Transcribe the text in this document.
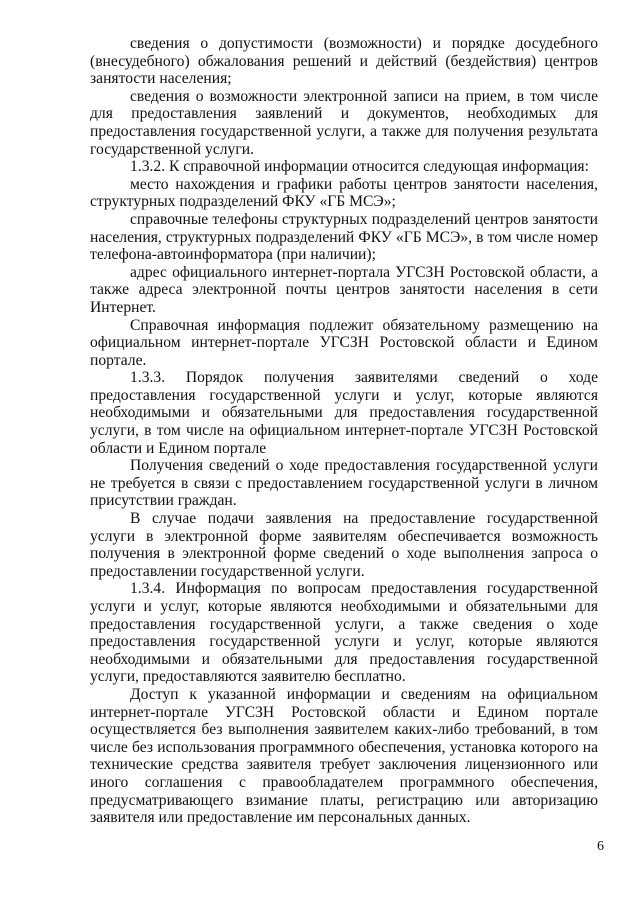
сведения о допустимости (возможности) и порядке досудебного (внесудебного) обжалования решений и действий (бездействия) центров занятости населения;

сведения о возможности электронной записи на прием, в том числе для предоставления заявлений и документов, необходимых для предоставления государственной услуги, а также для получения результата государственной услуги.

1.3.2. К справочной информации относится следующая информация:

место нахождения и графики работы центров занятости населения, структурных подразделений ФКУ «ГБ МСЭ»;

справочные телефоны структурных подразделений центров занятости населения, структурных подразделений ФКУ «ГБ МСЭ», в том числе номер телефона-автоинформатора (при наличии);

адрес официального интернет-портала УГСЗН Ростовской области, а также адреса электронной почты центров занятости населения в сети Интернет.

Справочная информация подлежит обязательному размещению на официальном интернет-портале УГСЗН Ростовской области и Едином портале.

1.3.3. Порядок получения заявителями сведений о ходе предоставления государственной услуги и услуг, которые являются необходимыми и обязательными для предоставления государственной услуги, в том числе на официальном интернет-портале УГСЗН Ростовской области и Едином портале

Получения сведений о ходе предоставления государственной услуги не требуется в связи с предоставлением государственной услуги в личном присутствии граждан.

В случае подачи заявления на предоставление государственной услуги в электронной форме заявителям обеспечивается возможность получения в электронной форме сведений о ходе выполнения запроса о предоставлении государственной услуги.

1.3.4. Информация по вопросам предоставления государственной услуги и услуг, которые являются необходимыми и обязательными для предоставления государственной услуги, а также сведения о ходе предоставления государственной услуги и услуг, которые являются необходимыми и обязательными для предоставления государственной услуги, предоставляются заявителю бесплатно.

Доступ к указанной информации и сведениям на официальном интернет-портале УГСЗН Ростовской области и Едином портале осуществляется без выполнения заявителем каких-либо требований, в том числе без использования программного обеспечения, установка которого на технические средства заявителя требует заключения лицензионного или иного соглашения с правообладателем программного обеспечения, предусматривающего взимание платы, регистрацию или авторизацию заявителя или предоставление им персональных данных.

6
